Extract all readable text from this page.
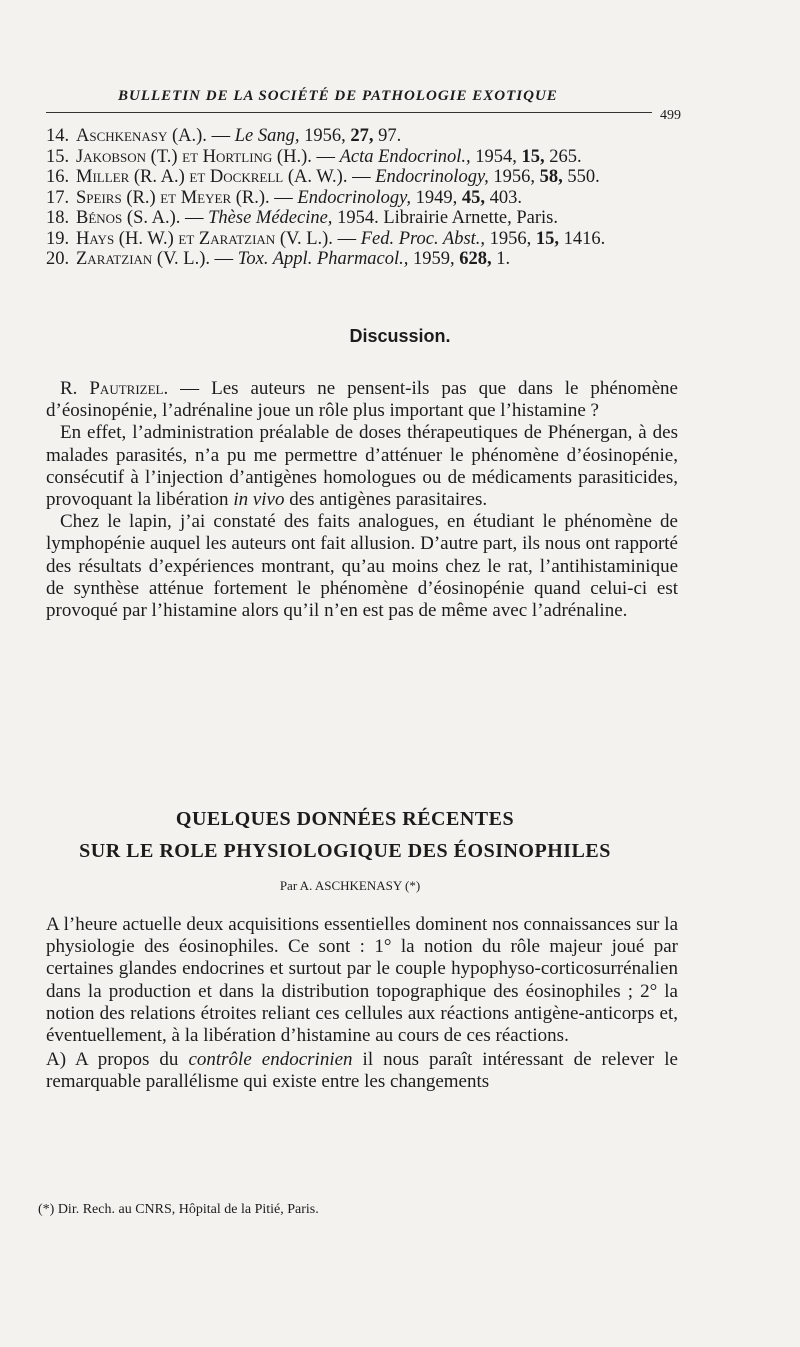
BULLETIN DE LA SOCIÉTÉ DE PATHOLOGIE EXOTIQUE
499
14. Aschkenasy (A.). — Le Sang, 1956, 27, 97.
15. Jakobson (T.) et Hortling (H.). — Acta Endocrinol., 1954, 15, 265.
16. Miller (R. A.) et Dockrell (A. W.). — Endocrinology, 1956, 58, 550.
17. Speirs (R.) et Meyer (R.). — Endocrinology, 1949, 45, 403.
18. Bénos (S. A.). — Thèse Médecine, 1954. Librairie Arnette, Paris.
19. Hays (H. W.) et Zaratzian (V. L.). — Fed. Proc. Abst., 1956, 15, 1416.
20. Zaratzian (V. L.). — Tox. Appl. Pharmacol., 1959, 628, 1.
Discussion.

R. Pautrizel. — Les auteurs ne pensent-ils pas que dans le phénomène d’éosinopénie, l’adrénaline joue un rôle plus important que l’histamine ?

En effet, l’administration préalable de doses thérapeutiques de Phénergan, à des malades parasités, n’a pu me permettre d’atténuer le phénomène d’éosinopénie, consécutif à l’injection d’antigènes homologues ou de médicaments parasiticides, provoquant la libération in vivo des antigènes parasitaires.

Chez le lapin, j’ai constaté des faits analogues, en étudiant le phénomène de lymphopénie auquel les auteurs ont fait allusion. D’autre part, ils nous ont rapporté des résultats d’expériences montrant, qu’au moins chez le rat, l’antihistaminique de synthèse atténue fortement le phénomène d’éosinopénie quand celui-ci est provoqué par l’histamine alors qu’il n’en est pas de même avec l’adrénaline.

QUELQUES DONNÉES RÉCENTES
SUR LE ROLE PHYSIOLOGIQUE DES ÉOSINOPHILES
Par A. ASCHKENASY (*)

A l’heure actuelle deux acquisitions essentielles dominent nos connaissances sur la physiologie des éosinophiles. Ce sont : 1° la notion du rôle majeur joué par certaines glandes endocrines et surtout par le couple hypophyso-corticosurrénalien dans la production et dans la distribution topographique des éosinophiles ; 2° la notion des relations étroites reliant ces cellules aux réactions antigène-anticorps et, éventuellement, à la libération d’histamine au cours de ces réactions.

A) A propos du contrôle endocrinien il nous paraît intéressant de relever le remarquable parallélisme qui existe entre les changements

(*) Dir. Rech. au CNRS, Hôpital de la Pitié, Paris.
